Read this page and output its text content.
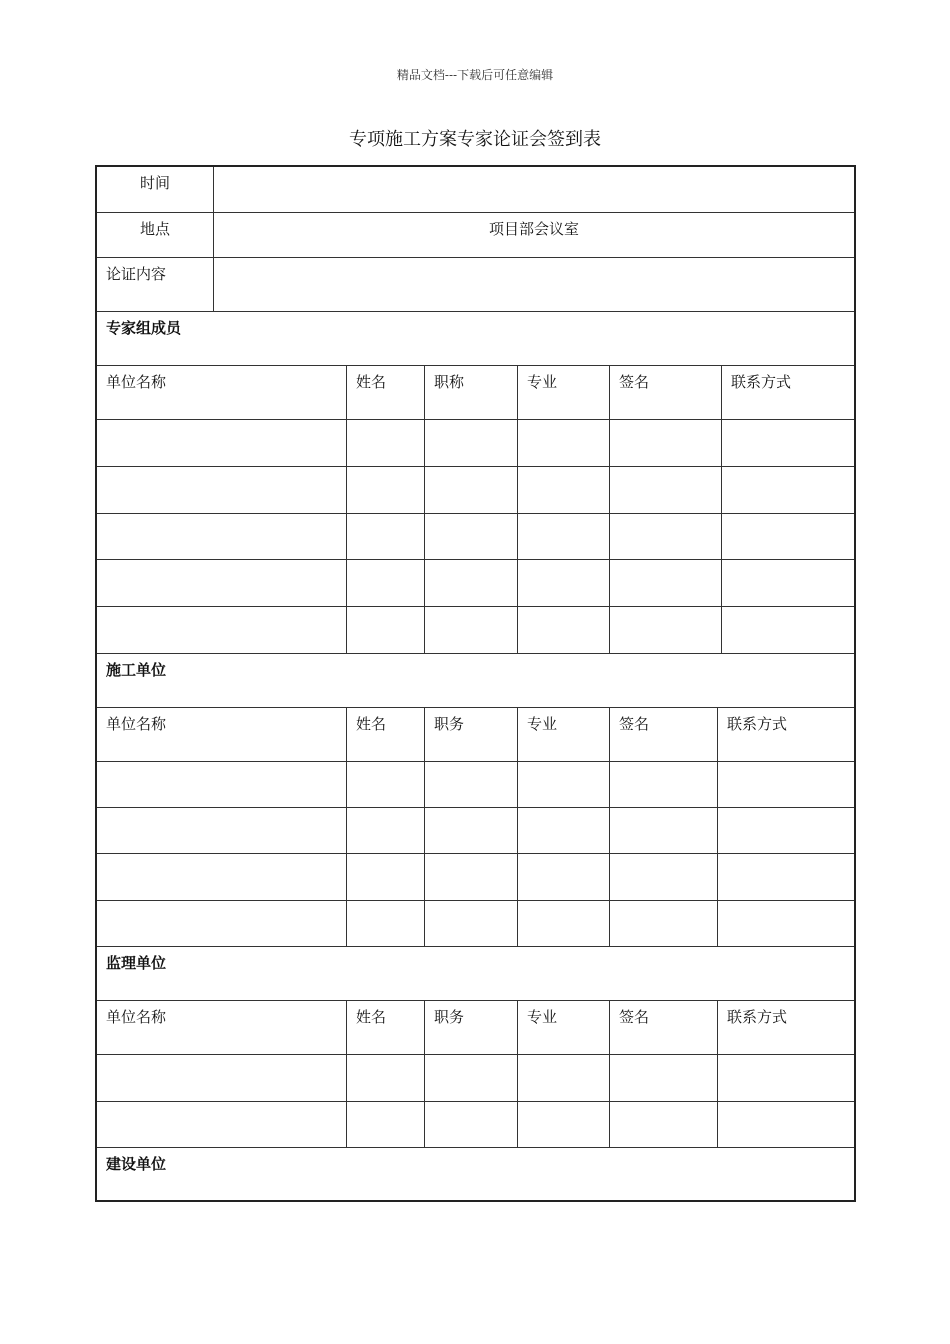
精品文档---下载后可任意编辑
专项施工方案专家论证会签到表
时间
地点	项目部会议室
论证内容
专家组成员
单位名称	姓名	职称	专业	签名	联系方式
施工单位
单位名称	姓名	职务	专业	签名	联系方式
监理单位
单位名称	姓名	职务	专业	签名	联系方式
建设单位
